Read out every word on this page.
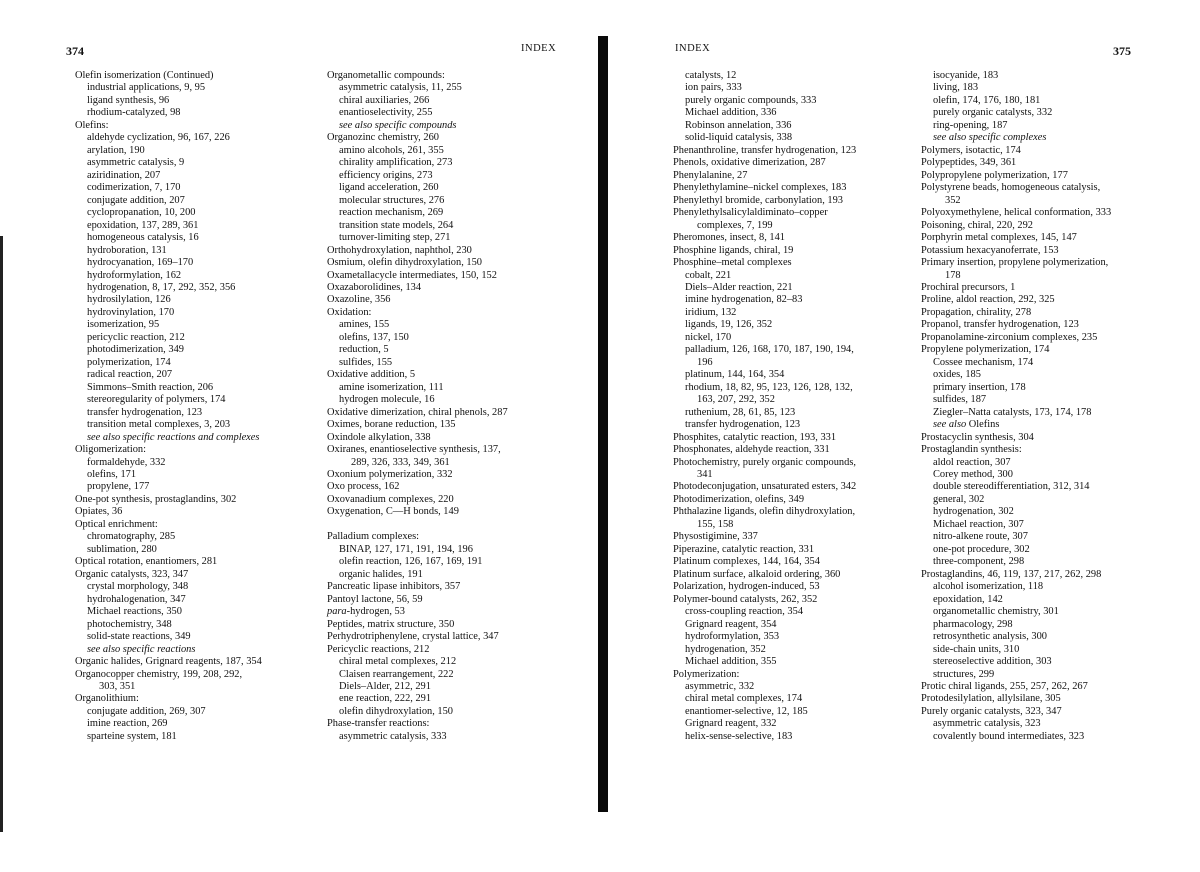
374	INDEX
Olefin isomerization (Continued)
industrial applications, 9, 95
ligand synthesis, 96
rhodium-catalyzed, 98
Olefins:
aldehyde cyclization, 96, 167, 226
arylation, 190
asymmetric catalysis, 9
aziridination, 207
codimerization, 7, 170
conjugate addition, 207
cyclopropanation, 10, 200
epoxidation, 137, 289, 361
homogeneous catalysis, 16
hydroboration, 131
hydrocyanation, 169–170
hydroformylation, 162
hydrogenation, 8, 17, 292, 352, 356
hydrosilylation, 126
hydrovinylation, 170
isomerization, 95
pericyclic reaction, 212
photodimerization, 349
polymerization, 174
radical reaction, 207
Simmons–Smith reaction, 206
stereoregularity of polymers, 174
transfer hydrogenation, 123
transition metal complexes, 3, 203
see also specific reactions and complexes
Oligomerization:
formaldehyde, 332
olefins, 171
propylene, 177
One-pot synthesis, prostaglandins, 302
Opiates, 36
Optical enrichment:
chromatography, 285
sublimation, 280
Optical rotation, enantiomers, 281
Organic catalysts, 323, 347
crystal morphology, 348
hydrohalogenation, 347
Michael reactions, 350
photochemistry, 348
solid-state reactions, 349
see also specific reactions
Organic halides, Grignard reagents, 187, 354
Organocopper chemistry, 199, 208, 292,
303, 351
Organolithium:
conjugate addition, 269, 307
imine reaction, 269
sparteine system, 181
Organometallic compounds:
asymmetric catalysis, 11, 255
chiral auxiliaries, 266
enantioselectivity, 255
see also specific compounds
Organozinc chemistry, 260
amino alcohols, 261, 355
chirality amplification, 273
efficiency origins, 273
ligand acceleration, 260
molecular structures, 276
reaction mechanism, 269
transition state models, 264
turnover-limiting step, 271
Orthohydroxylation, naphthol, 230
Osmium, olefin dihydroxylation, 150
Oxametallacycle intermediates, 150, 152
Oxazaborolidines, 134
Oxazoline, 356
Oxidation:
amines, 155
olefins, 137, 150
reduction, 5
sulfides, 155
Oxidative addition, 5
amine isomerization, 111
hydrogen molecule, 16
Oxidative dimerization, chiral phenols, 287
Oximes, borane reduction, 135
Oxindole alkylation, 338
Oxiranes, enantioselective synthesis, 137,
289, 326, 333, 349, 361
Oxonium polymerization, 332
Oxo process, 162
Oxovanadium complexes, 220
Oxygenation, C—H bonds, 149
Palladium complexes:
BINAP, 127, 171, 191, 194, 196
olefin reaction, 126, 167, 169, 191
organic halides, 191
Pancreatic lipase inhibitors, 357
Pantoyl lactone, 56, 59
para-hydrogen, 53
Peptides, matrix structure, 350
Perhydrotriphenylene, crystal lattice, 347
Pericyclic reactions, 212
chiral metal complexes, 212
Claisen rearrangement, 222
Diels–Alder, 212, 291
ene reaction, 222, 291
olefin dihydroxylation, 150
Phase-transfer reactions:
asymmetric catalysis, 333
INDEX	375
catalysts, 12
ion pairs, 333
purely organic compounds, 333
Michael addition, 336
Robinson annelation, 336
solid-liquid catalysis, 338
Phenanthroline, transfer hydrogenation, 123
Phenols, oxidative dimerization, 287
Phenylalanine, 27
Phenylethylamine–nickel complexes, 183
Phenylethyl bromide, carbonylation, 193
Phenylethylsalicylaldiminato–copper
complexes, 7, 199
Pheromones, insect, 8, 141
Phosphine ligands, chiral, 19
Phosphine–metal complexes
cobalt, 221
Diels–Alder reaction, 221
imine hydrogenation, 82–83
iridium, 132
ligands, 19, 126, 352
nickel, 170
palladium, 126, 168, 170, 187, 190, 194,
196
platinum, 144, 164, 354
rhodium, 18, 82, 95, 123, 126, 128, 132,
163, 207, 292, 352
ruthenium, 28, 61, 85, 123
transfer hydrogenation, 123
Phosphites, catalytic reaction, 193, 331
Phosphonates, aldehyde reaction, 331
Photochemistry, purely organic compounds,
341
Photodeconjugation, unsaturated esters, 342
Photodimerization, olefins, 349
Phthalazine ligands, olefin dihydroxylation,
155, 158
Physostigimine, 337
Piperazine, catalytic reaction, 331
Platinum complexes, 144, 164, 354
Platinum surface, alkaloid ordering, 360
Polarization, hydrogen-induced, 53
Polymer-bound catalysts, 262, 352
cross-coupling reaction, 354
Grignard reagent, 354
hydroformylation, 353
hydrogenation, 352
Michael addition, 355
Polymerization:
asymmetric, 332
chiral metal complexes, 174
enantiomer-selective, 12, 185
Grignard reagent, 332
helix-sense-selective, 183
isocyanide, 183
living, 183
olefin, 174, 176, 180, 181
purely organic catalysts, 332
ring-opening, 187
see also specific complexes
Polymers, isotactic, 174
Polypeptides, 349, 361
Polypropylene polymerization, 177
Polystyrene beads, homogeneous catalysis,
352
Polyoxymethylene, helical conformation, 333
Poisoning, chiral, 220, 292
Porphyrin metal complexes, 145, 147
Potassium hexacyanoferrate, 153
Primary insertion, propylene polymerization,
178
Prochiral precursors, 1
Proline, aldol reaction, 292, 325
Propagation, chirality, 278
Propanol, transfer hydrogenation, 123
Propanolamine-zirconium complexes, 235
Propylene polymerization, 174
Cossee mechanism, 174
oxides, 185
primary insertion, 178
sulfides, 187
Ziegler–Natta catalysts, 173, 174, 178
see also Olefins
Prostacyclin synthesis, 304
Prostaglandin synthesis:
aldol reaction, 307
Corey method, 300
double stereodifferentiation, 312, 314
general, 302
hydrogenation, 302
Michael reaction, 307
nitro-alkene route, 307
one-pot procedure, 302
three-component, 298
Prostaglandins, 46, 119, 137, 217, 262, 298
alcohol isomerization, 118
epoxidation, 142
organometallic chemistry, 301
pharmacology, 298
retrosynthetic analysis, 300
side-chain units, 310
stereoselective addition, 303
structures, 299
Protic chiral ligands, 255, 257, 262, 267
Protodesilylation, allylsilane, 305
Purely organic catalysts, 323, 347
asymmetric catalysis, 323
covalently bound intermediates, 323
